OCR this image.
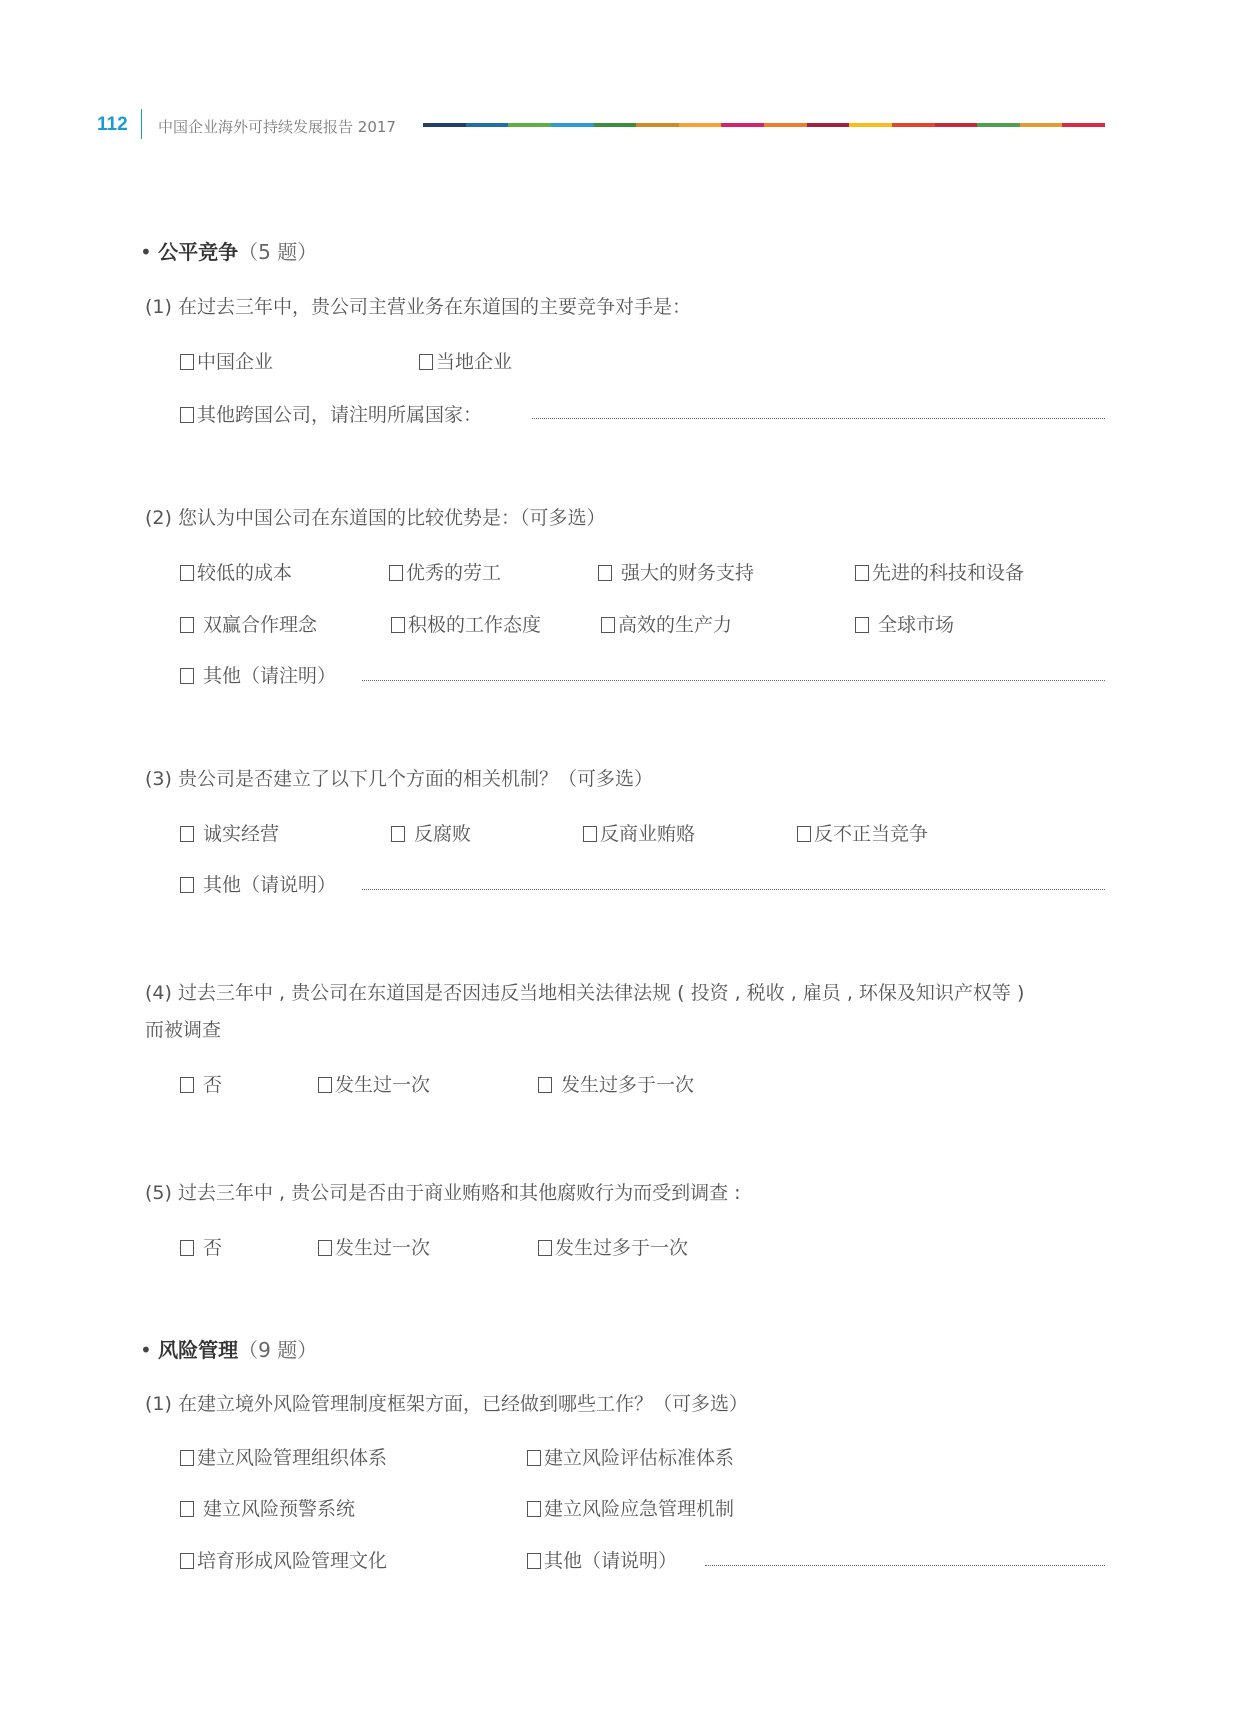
112 中国企业海外可持续发展报告 2017
• 公平竞争（5 题）
(1) 在过去三年中，贵公司主营业务在东道国的主要竞争对手是：
中国企业	当地企业
其他跨国公司，请注明所属国家：
(2) 您认为中国公司在东道国的比较优势是：（可多选）
较低的成本	优秀的劳工	强大的财务支持	先进的科技和设备
双赢合作理念	积极的工作态度	高效的生产力	全球市场
其他（请注明）
(3) 贵公司是否建立了以下几个方面的相关机制？（可多选）
诚实经营	反腐败	反商业贿赂	反不正当竞争
其他（请说明）
(4) 过去三年中 , 贵公司在东道国是否因违反当地相关法律法规 ( 投资 , 税收 , 雇员 , 环保及知识产权等 )
而被调查
否	发生过一次	发生过多于一次
(5) 过去三年中 , 贵公司是否由于商业贿赂和其他腐败行为而受到调查 :
否	发生过一次	发生过多于一次
• 风险管理（9 题）
(1) 在建立境外风险管理制度框架方面，已经做到哪些工作？（可多选）
建立风险管理组织体系	建立风险评估标准体系
建立风险预警系统	建立风险应急管理机制
培育形成风险管理文化	其他（请说明）
